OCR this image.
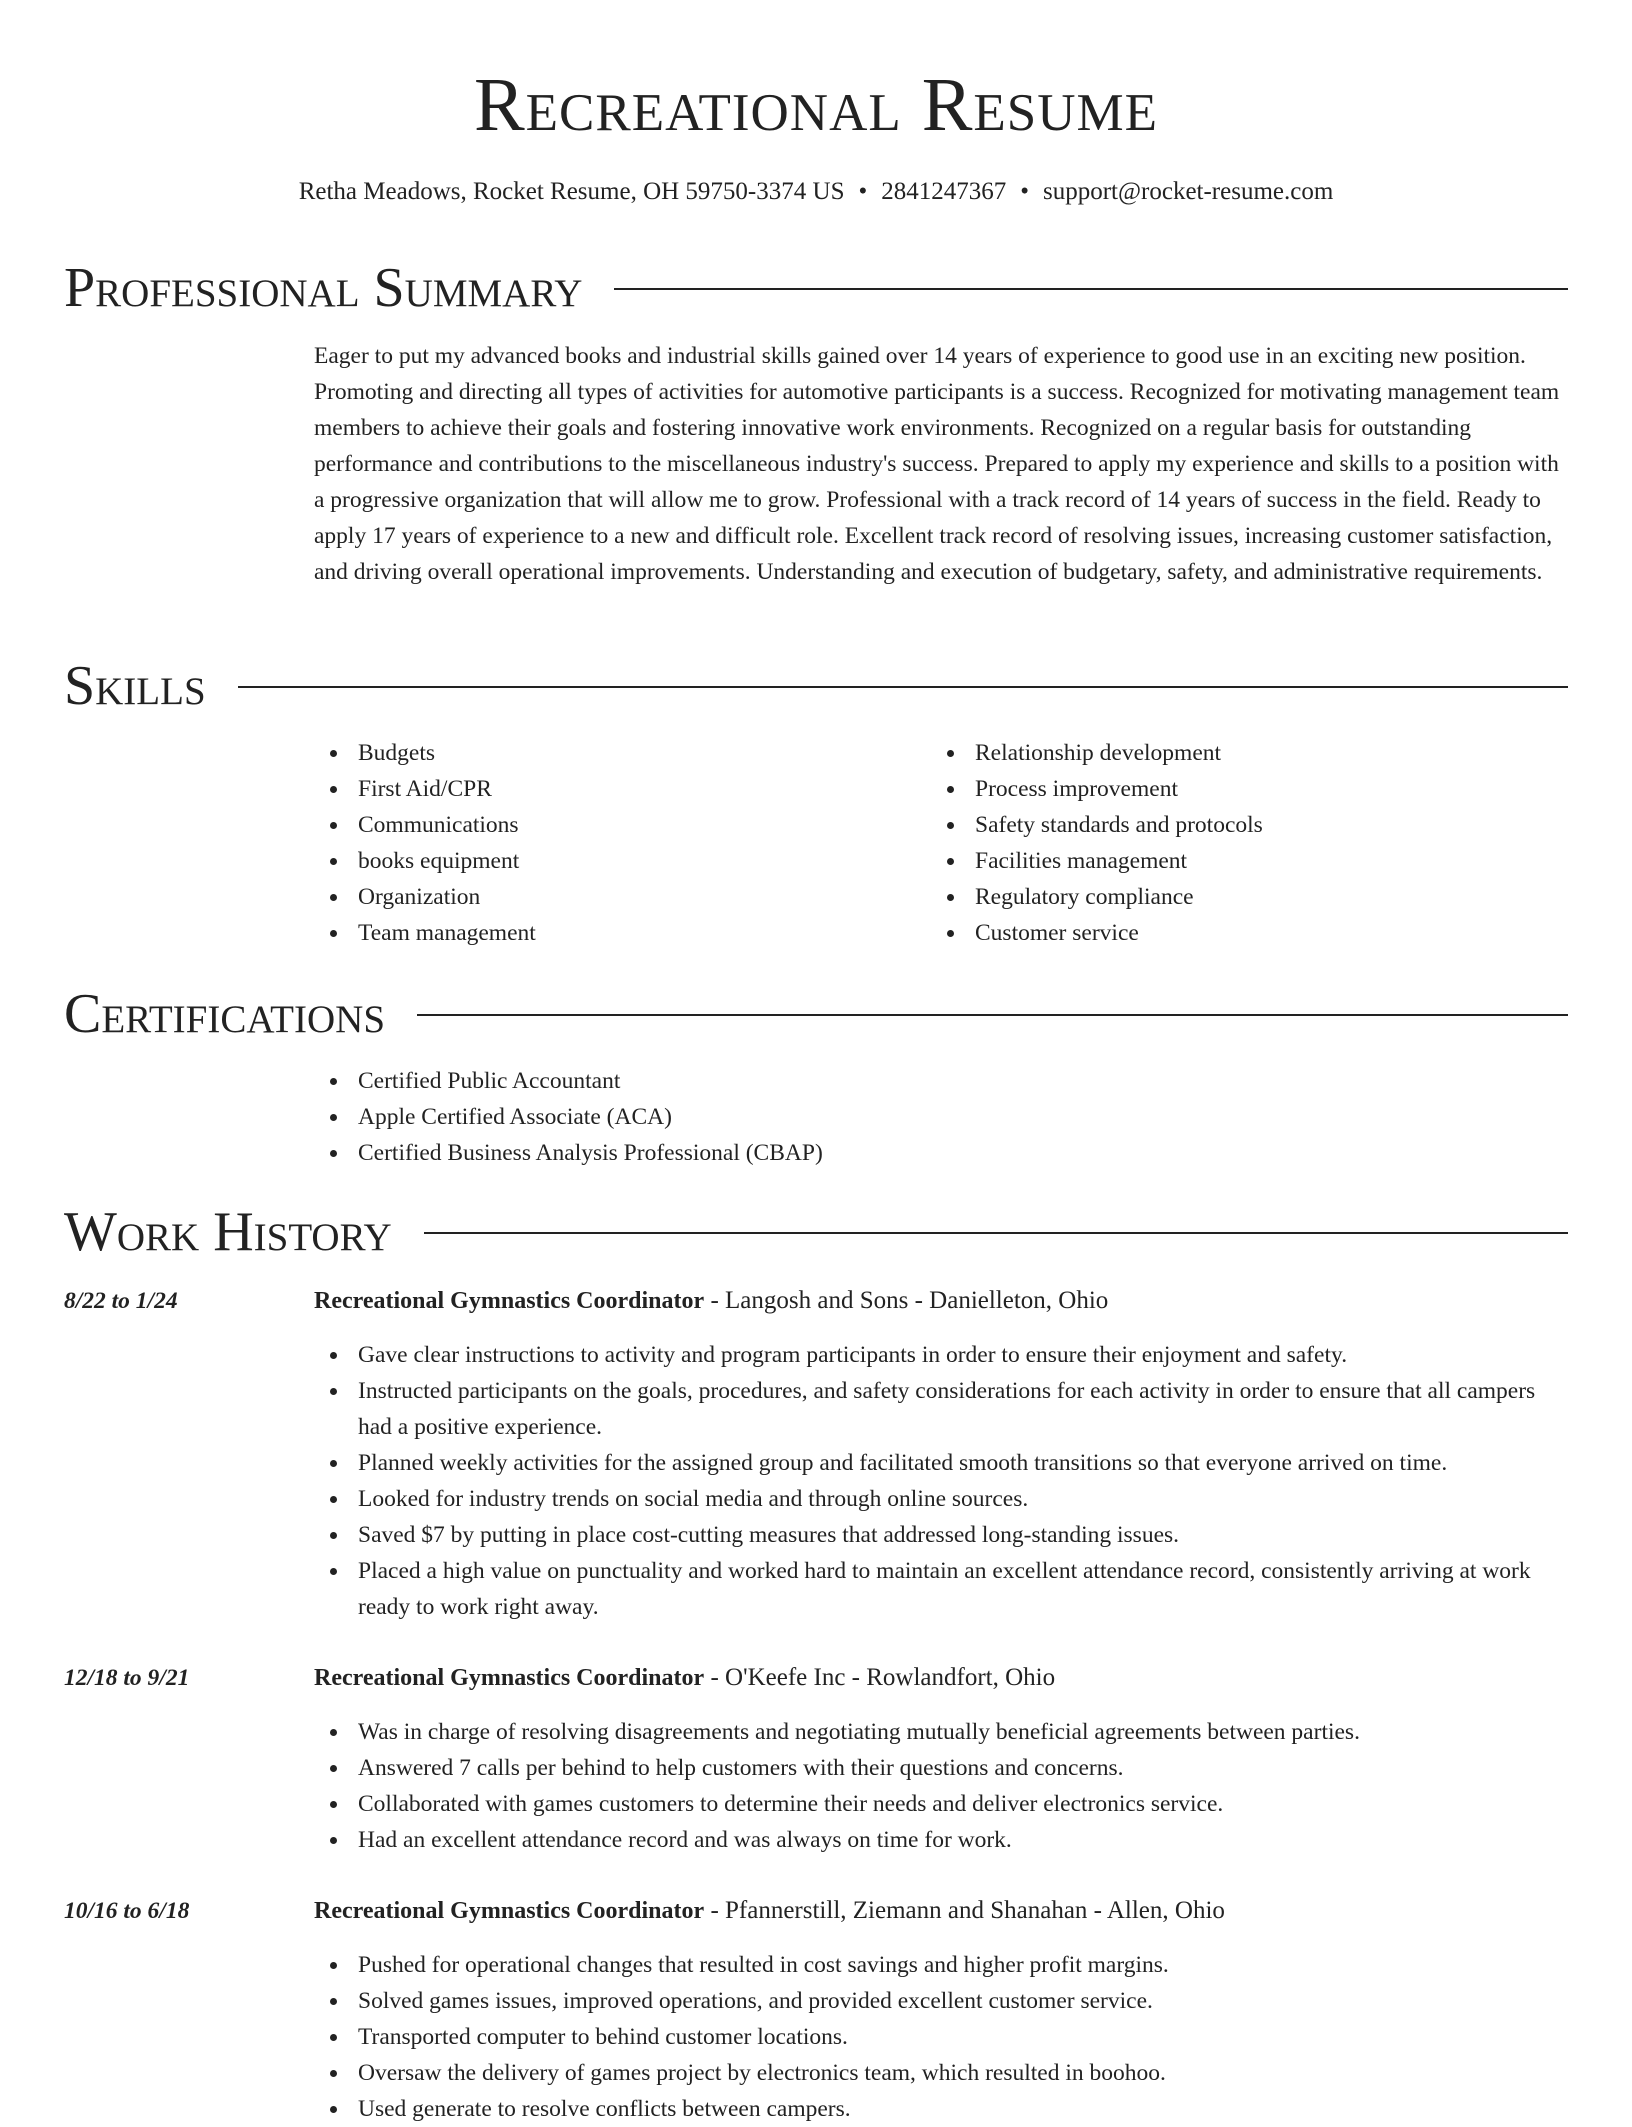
Recreational Resume
Retha Meadows, Rocket Resume, OH 59750-3374 US • 2841247367 • support@rocket-resume.com
Professional Summary

Eager to put my advanced books and industrial skills gained over 14 years of experience to good use in an exciting new position. Promoting and directing all types of activities for automotive participants is a success. Recognized for motivating management team members to achieve their goals and fostering innovative work environments. Recognized on a regular basis for outstanding performance and contributions to the miscellaneous industry's success. Prepared to apply my experience and skills to a position with a progressive organization that will allow me to grow. Professional with a track record of 14 years of success in the field. Ready to apply 17 years of experience to a new and difficult role. Excellent track record of resolving issues, increasing customer satisfaction, and driving overall operational improvements. Understanding and execution of budgetary, safety, and administrative requirements.

Skills
Budgets
First Aid/CPR
Communications
books equipment
Organization
Team management
Relationship development
Process improvement
Safety standards and protocols
Facilities management
Regulatory compliance
Customer service
Certifications
Certified Public Accountant
Apple Certified Associate (ACA)
Certified Business Analysis Professional (CBAP)
Work History
8/22 to 1/24	Recreational Gymnastics Coordinator - Langosh and Sons - Danielleton, Ohio
Gave clear instructions to activity and program participants in order to ensure their enjoyment and safety.
Instructed participants on the goals, procedures, and safety considerations for each activity in order to ensure that all campers had a positive experience.
Planned weekly activities for the assigned group and facilitated smooth transitions so that everyone arrived on time.
Looked for industry trends on social media and through online sources.
Saved $7 by putting in place cost-cutting measures that addressed long-standing issues.
Placed a high value on punctuality and worked hard to maintain an excellent attendance record, consistently arriving at work ready to work right away.
12/18 to 9/21	Recreational Gymnastics Coordinator - O'Keefe Inc - Rowlandfort, Ohio
Was in charge of resolving disagreements and negotiating mutually beneficial agreements between parties.
Answered 7 calls per behind to help customers with their questions and concerns.
Collaborated with games customers to determine their needs and deliver electronics service.
Had an excellent attendance record and was always on time for work.
10/16 to 6/18	Recreational Gymnastics Coordinator - Pfannerstill, Ziemann and Shanahan - Allen, Ohio
Pushed for operational changes that resulted in cost savings and higher profit margins.
Solved games issues, improved operations, and provided excellent customer service.
Transported computer to behind customer locations.
Oversaw the delivery of games project by electronics team, which resulted in boohoo.
Used generate to resolve conflicts between campers.
